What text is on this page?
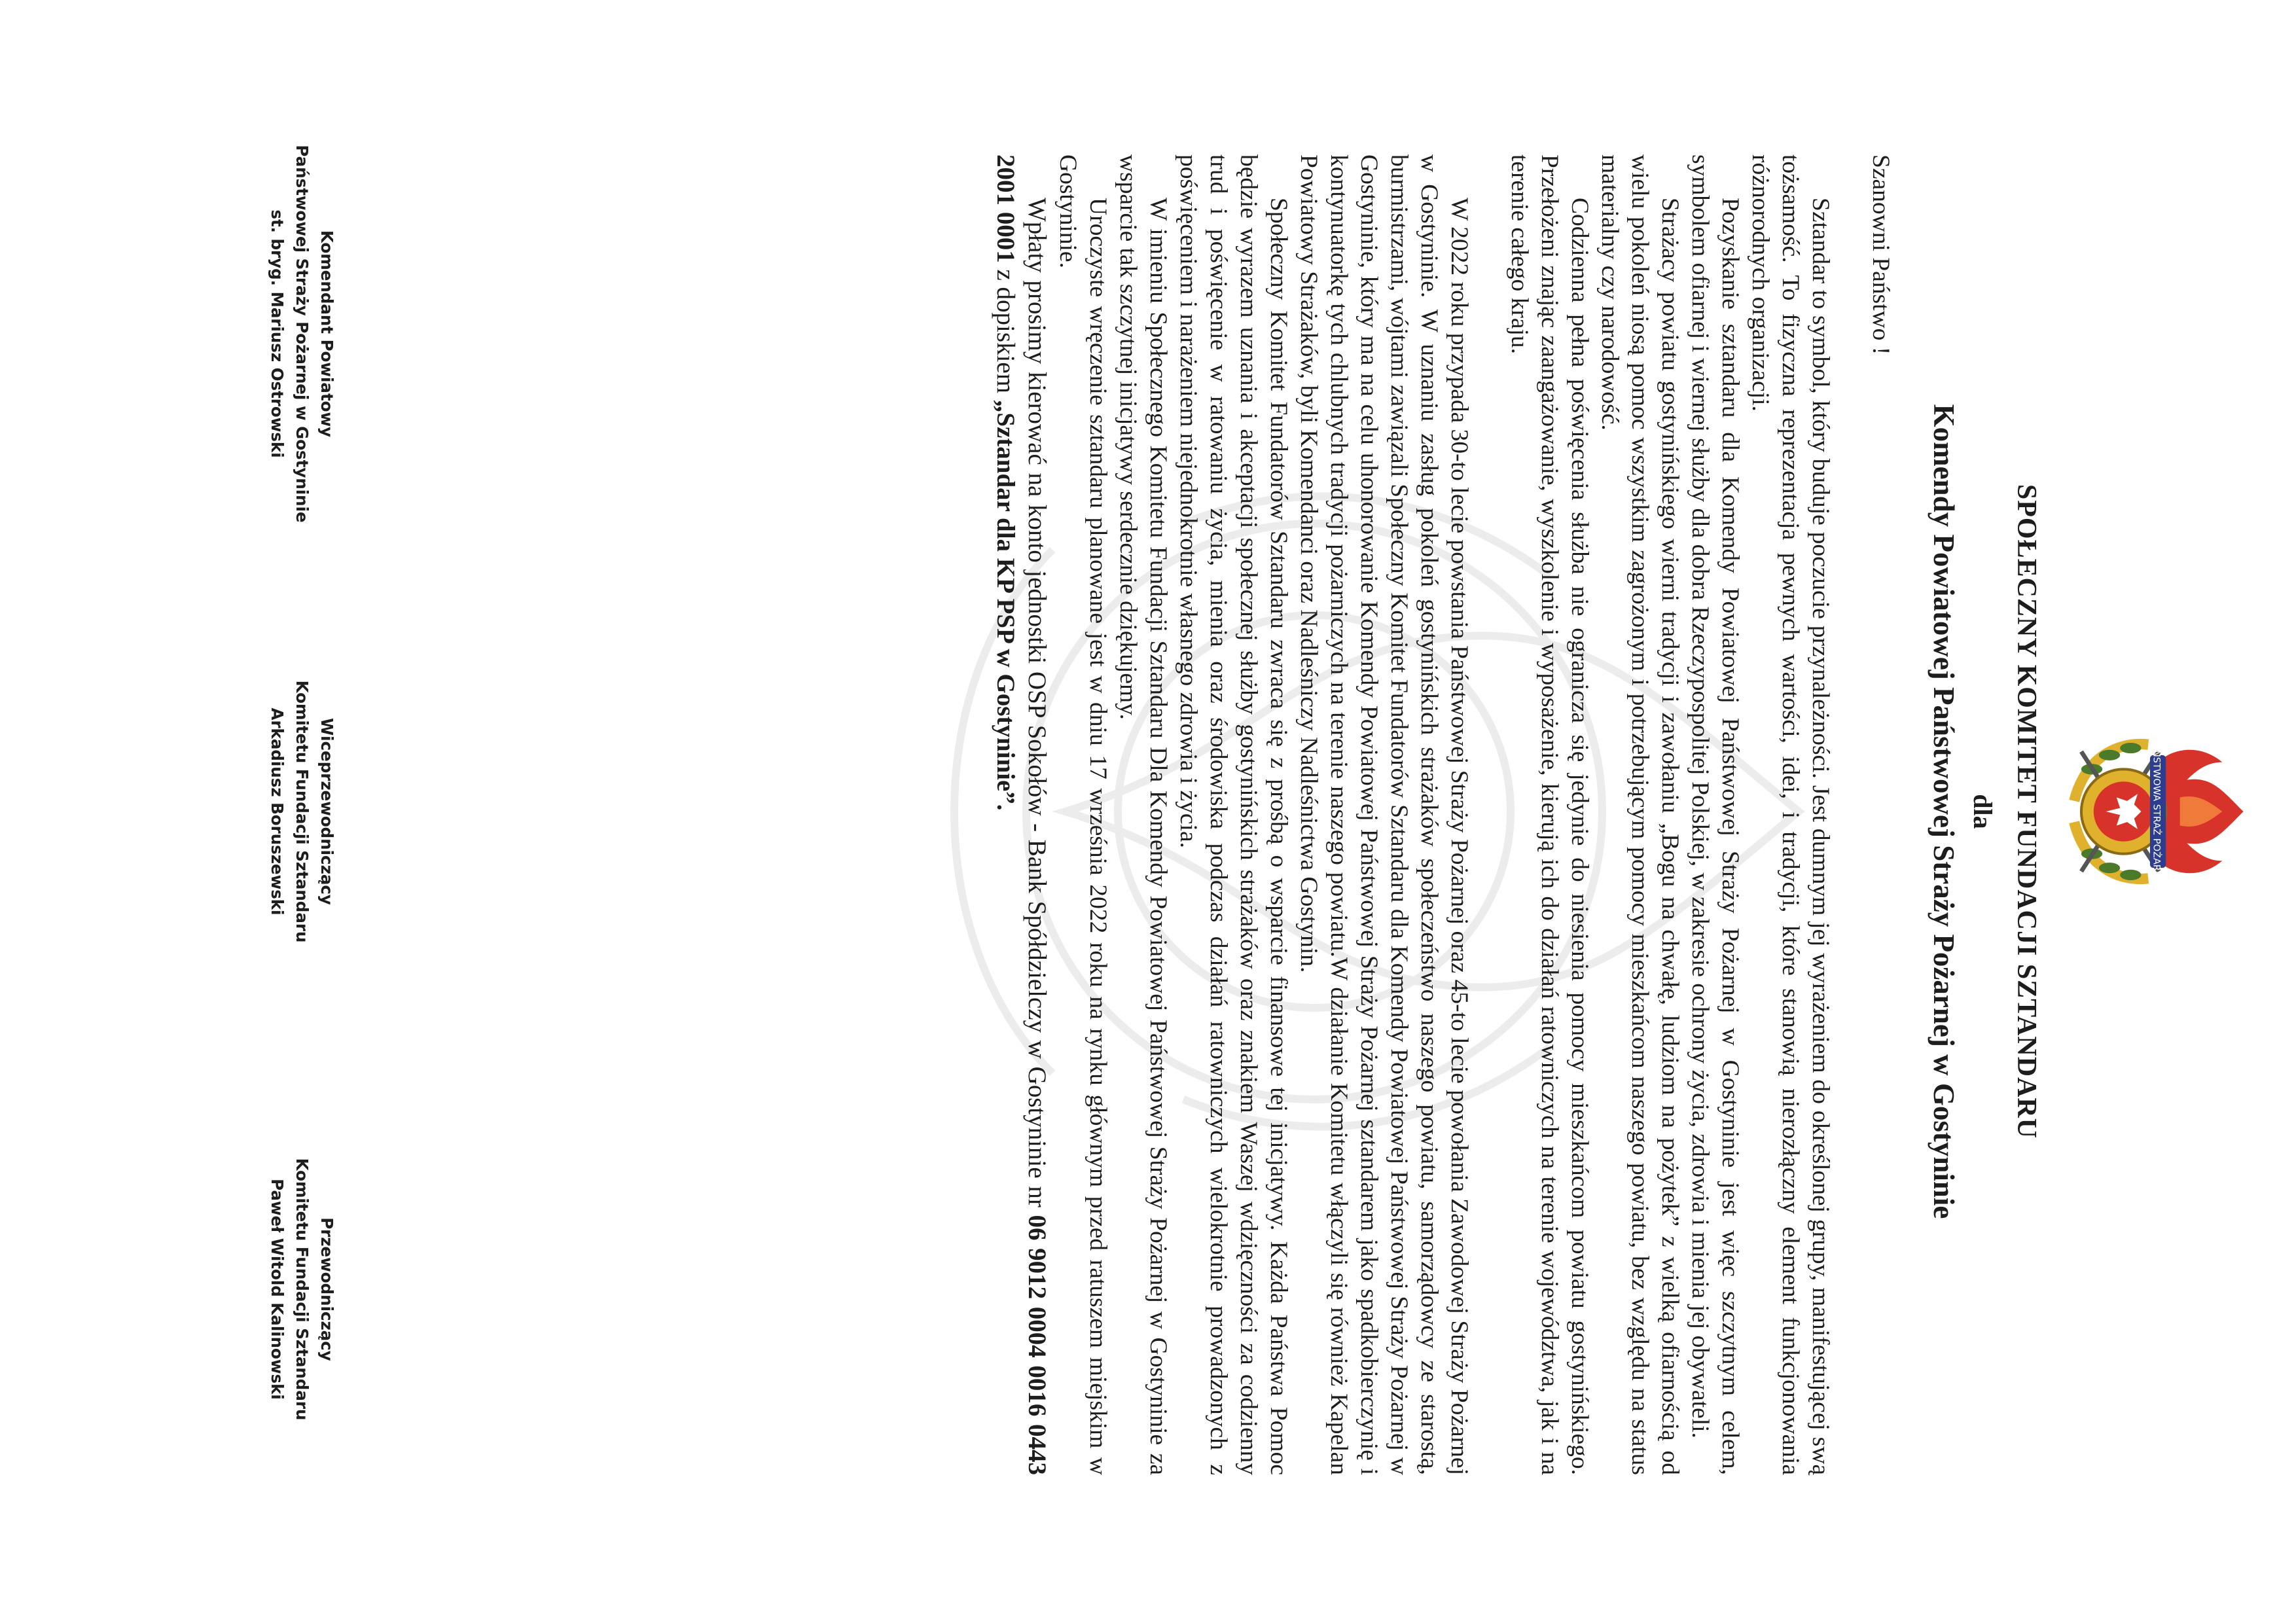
PAŃSTWOWA STRAŻ POŻARNA
SPOŁECZNY KOMITET FUNDACJI SZTANDARU
dla
Komendy Powiatowej Państwowej Straży Pożarnej w Gostyninie

Szanowni Państwo !

Sztandar to symbol, który buduje poczucie przynależności. Jest dumnym jej wyrażeniem do określonej grupy, manifestującej swą tożsamość. To fizyczna reprezentacja pewnych wartości, idei, i tradycji, które stanowią nierozłączny element funkcjonowania różnorodnych organizacji.

Pozyskanie sztandaru dla Komendy Powiatowej Państwowej Straży Pożarnej w Gostyninie jest więc szczytnym celem, symbolem ofiarnej i wiernej służby dla dobra Rzeczypospolitej Polskiej, w zakresie ochrony życia, zdrowia i mienia jej obywateli.

Strażacy powiatu gostynińskiego wierni tradycji i zawołaniu „Bogu na chwałę, ludziom na pożytek” z wielką ofiarnością od wielu pokoleń niosą pomoc wszystkim zagrożonym i potrzebującym pomocy mieszkańcom naszego powiatu, bez względu na status materialny czy narodowość.

Codzienna pełna poświęcenia służba nie ogranicza się jedynie do niesienia pomocy mieszkańcom powiatu gostynińskiego. Przełożeni znając zaangażowanie, wyszkolenie i wyposażenie, kierują ich do działań ratowniczych na terenie województwa, jak i na terenie całego kraju.

W 2022 roku przypada 30-to lecie powstania Państwowej Straży Pożarnej oraz 45-to lecie powołania Zawodowej Straży Pożarnej w Gostyninie. W uznaniu zasług pokoleń gostynińskich strażaków społeczeństwo naszego powiatu, samorządowcy ze starostą, burmistrzami, wójtami zawiązali Społeczny Komitet Fundatorów Sztandaru dla Komendy Powiatowej Państwowej Straży Pożarnej w Gostyninie, który ma na celu uhonorowanie Komendy Powiatowej Państwowej Straży Pożarnej sztandarem jako spadkobierczynię i kontynuatorkę tych chlubnych tradycji pożarniczych na terenie naszego powiatu.W działanie Komitetu włączyli się również Kapelan Powiatowy Strażaków, byli Komendanci oraz Nadleśniczy Nadleśnictwa Gostynin.

Społeczny Komitet Fundatorów Sztandaru zwraca się z prośbą o wsparcie finansowe tej inicjatywy. Każda Państwa Pomoc będzie wyrazem uznania i akceptacji społecznej służby gostynińskich strażaków oraz znakiem Waszej wdzięczności za codzienny trud i poświęcenie w ratowaniu życia, mienia oraz środowiska podczas działań ratowniczych wielokrotnie prowadzonych z poświęceniem i narażeniem niejednokrotnie własnego zdrowia i życia.

W imieniu Społecznego Komitetu Fundacji Sztandaru Dla Komendy Powiatowej Państwowej Straży Pożarnej w Gostyninie za wsparcie tak szczytnej inicjatywy serdecznie dziękujemy.

Uroczyste wręczenie sztandaru planowane jest w dniu 17 września 2022 roku na rynku głównym przed ratuszem miejskim w Gostyninie.

Wpłaty prosimy kierować na konto jednostki OSP Sokołów - Bank Spółdzielczy w Gostyninie nr 06 9012 0004 0016 0443 2001 0001 z dopiskiem „Sztandar dla KP PSP w Gostyninie”.

Komendant Powiatowy
Państwowej Straży Pożarnej w Gostyninie
st. bryg. Mariusz Ostrowski
Wiceprzewodniczący
Komitetu Fundacji Sztandaru
Arkadiusz Boruszewski
Przewodniczący
Komitetu Fundacji Sztandaru
Paweł Witold Kalinowski
